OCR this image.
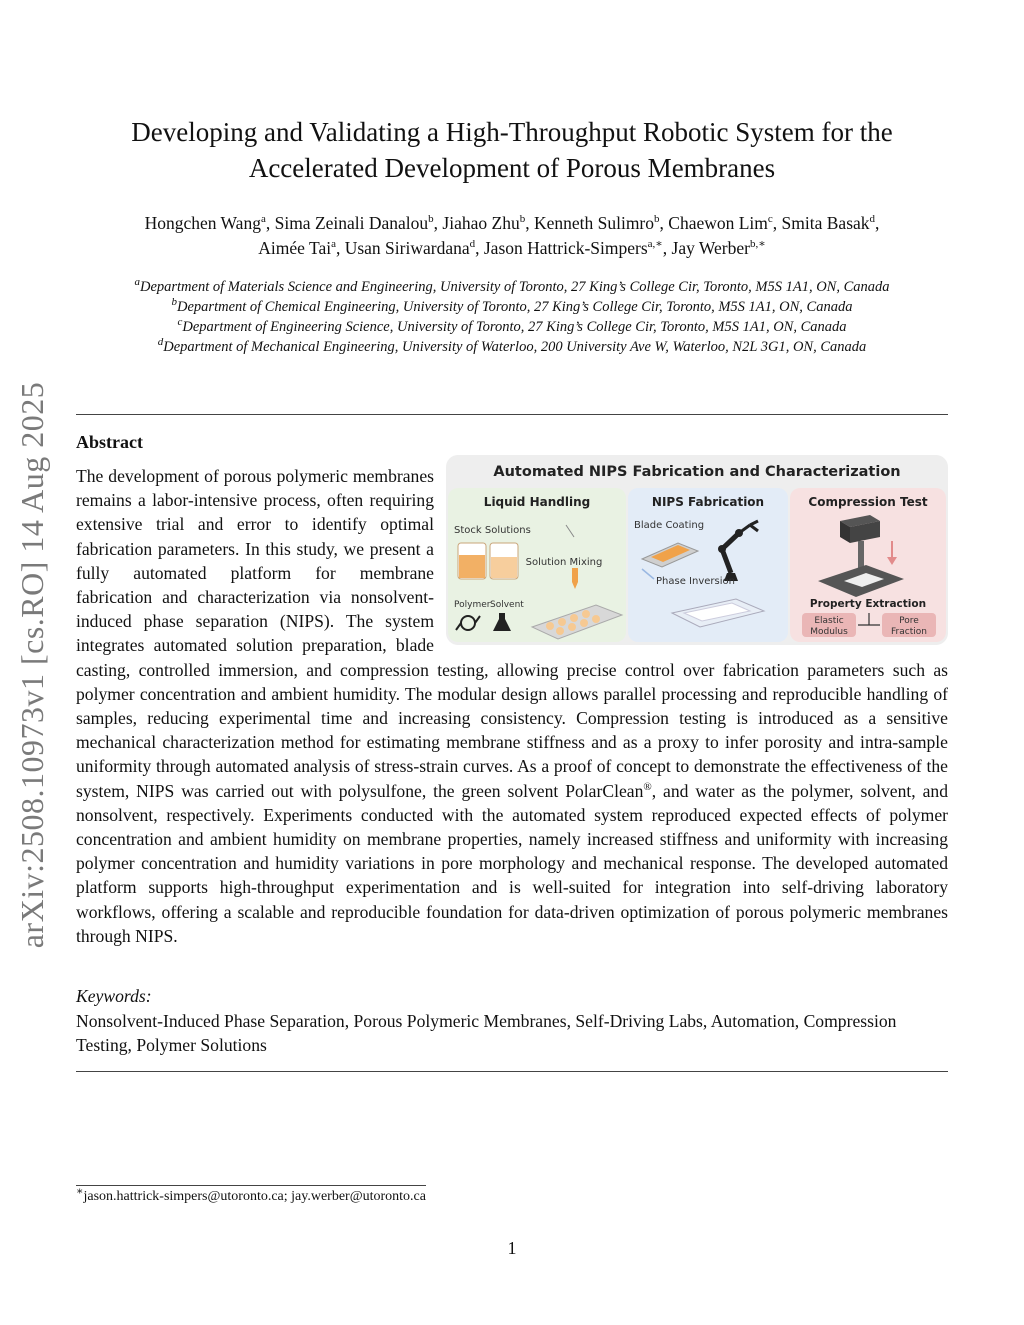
arXiv:2508.10973v1 [cs.RO] 14 Aug 2025
Developing and Validating a High-Throughput Robotic System for the
Accelerated Development of Porous Membranes
Hongchen Wang$^a$, Sima Zeinali Danalou$^b$, Jiahao Zhu$^b$, Kenneth Sulimro$^b$, Chaewon Lim$^c$, Smita Basak$^d$,
Aimée Tai$^a$, Usan Siriwardana$^d$, Jason Hattrick-Simpers$^{a,∗}$, Jay Werber$^{b,∗}$
$^a$Department of Materials Science and Engineering, University of Toronto, 27 King’s College Cir, Toronto, M5S 1A1, ON, Canada
$^b$Department of Chemical Engineering, University of Toronto, 27 King’s College Cir, Toronto, M5S 1A1, ON, Canada
$^c$Department of Engineering Science, University of Toronto, 27 King’s College Cir, Toronto, M5S 1A1, ON, Canada
$^d$Department of Mechanical Engineering, University of Waterloo, 200 University Ave W, Waterloo, N2L 3G1, ON, Canada
Abstract
Automated NIPS Fabrication and Characterization
Liquid Handling
Stock Solutions
Solution Mixing
Polymer Solvent
NIPS Fabrication
Blade Coating
Phase Inversion
Compression Test
Property Extraction
Elastic
Modulus
Pore
Fraction

The development of porous polymeric membranes remains a labor-intensive process, often requiring extensive trial and error to identify optimal fabrication parameters. In this study, we present a fully automated platform for membrane fabrication and characterization via nonsolvent-induced phase separation (NIPS). The system integrates automated solution preparation, blade casting, controlled immersion, and compression testing, allowing precise control over fabrication parameters such as polymer concentration and ambient humidity. The modular design allows parallel processing and reproducible handling of samples, reducing experimental time and increasing consistency. Compression testing is introduced as a sensitive mechanical characterization method for estimating membrane stiffness and as a proxy to infer porosity and intra-sample uniformity through automated analysis of stress-strain curves. As a proof of concept to demonstrate the effectiveness of the system, NIPS was carried out with polysulfone, the green solvent PolarClean®, and water as the polymer, solvent, and nonsolvent, respectively. Experiments conducted with the automated system reproduced expected effects of polymer concentration and ambient humidity on membrane properties, namely increased stiffness and uniformity with increasing polymer concentration and humidity variations in pore morphology and mechanical response. The developed automated platform supports high-throughput experimentation and is well-suited for integration into self-driving laboratory workflows, offering a scalable and reproducible foundation for data-driven optimization of porous polymeric membranes through NIPS.

Keywords:
Nonsolvent-Induced Phase Separation, Porous Polymeric Membranes, Self-Driving Labs, Automation, Compression Testing, Polymer Solutions
∗jason.hattrick-simpers@utoronto.ca; jay.werber@utoronto.ca
1
